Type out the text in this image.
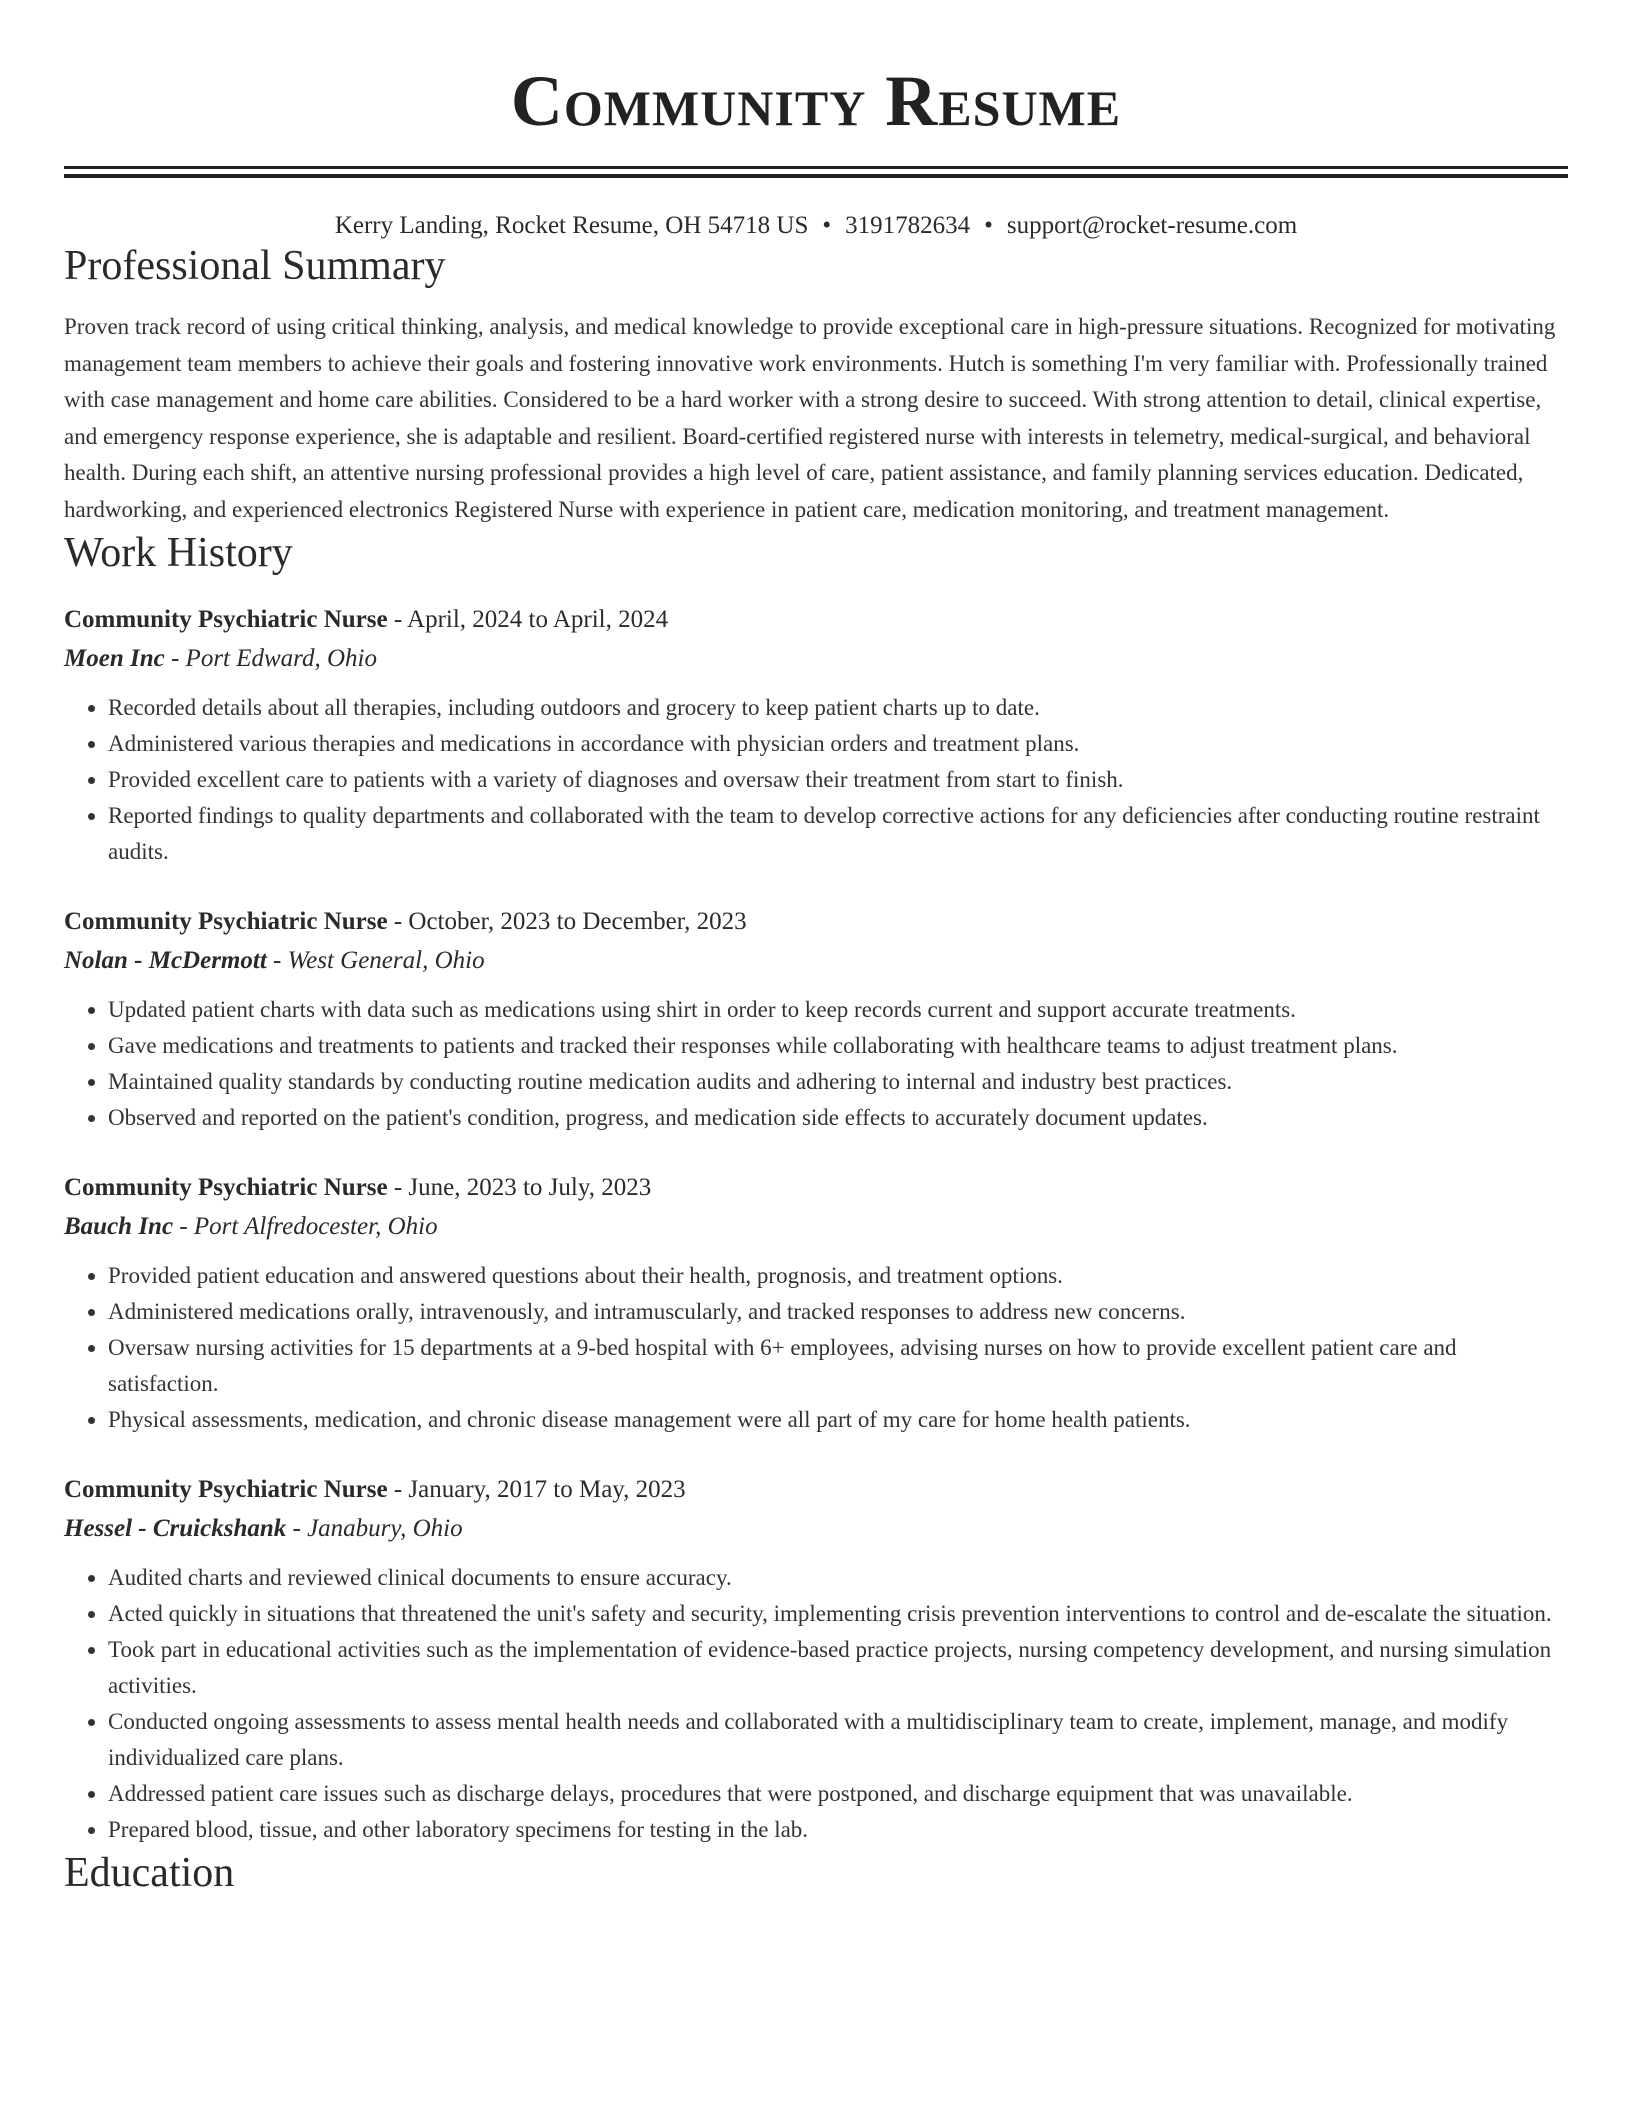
Community Resume
Kerry Landing, Rocket Resume, OH 54718 US • 3191782634 • support@rocket-resume.com
Professional Summary

Proven track record of using critical thinking, analysis, and medical knowledge to provide exceptional care in high-pressure situations. Recognized for motivating management team members to achieve their goals and fostering innovative work environments. Hutch is something I'm very familiar with. Professionally trained with case management and home care abilities. Considered to be a hard worker with a strong desire to succeed. With strong attention to detail, clinical expertise, and emergency response experience, she is adaptable and resilient. Board-certified registered nurse with interests in telemetry, medical-surgical, and behavioral health. During each shift, an attentive nursing professional provides a high level of care, patient assistance, and family planning services education. Dedicated, hardworking, and experienced electronics Registered Nurse with experience in patient care, medication monitoring, and treatment management.

Work History
Community Psychiatric Nurse - April, 2024 to April, 2024
Moen Inc - Port Edward, Ohio
• Recorded details about all therapies, including outdoors and grocery to keep patient charts up to date.
• Administered various therapies and medications in accordance with physician orders and treatment plans.
• Provided excellent care to patients with a variety of diagnoses and oversaw their treatment from start to finish.
• Reported findings to quality departments and collaborated with the team to develop corrective actions for any deficiencies after conducting routine restraint audits.
Community Psychiatric Nurse - October, 2023 to December, 2023
Nolan - McDermott - West General, Ohio
• Updated patient charts with data such as medications using shirt in order to keep records current and support accurate treatments.
• Gave medications and treatments to patients and tracked their responses while collaborating with healthcare teams to adjust treatment plans.
• Maintained quality standards by conducting routine medication audits and adhering to internal and industry best practices.
• Observed and reported on the patient's condition, progress, and medication side effects to accurately document updates.
Community Psychiatric Nurse - June, 2023 to July, 2023
Bauch Inc - Port Alfredocester, Ohio
• Provided patient education and answered questions about their health, prognosis, and treatment options.
• Administered medications orally, intravenously, and intramuscularly, and tracked responses to address new concerns.
• Oversaw nursing activities for 15 departments at a 9-bed hospital with 6+ employees, advising nurses on how to provide excellent patient care and satisfaction.
• Physical assessments, medication, and chronic disease management were all part of my care for home health patients.
Community Psychiatric Nurse - January, 2017 to May, 2023
Hessel - Cruickshank - Janabury, Ohio
• Audited charts and reviewed clinical documents to ensure accuracy.
• Acted quickly in situations that threatened the unit's safety and security, implementing crisis prevention interventions to control and de-escalate the situation.
• Took part in educational activities such as the implementation of evidence-based practice projects, nursing competency development, and nursing simulation activities.
• Conducted ongoing assessments to assess mental health needs and collaborated with a multidisciplinary team to create, implement, manage, and modify individualized care plans.
• Addressed patient care issues such as discharge delays, procedures that were postponed, and discharge equipment that was unavailable.
• Prepared blood, tissue, and other laboratory specimens for testing in the lab.
Education
